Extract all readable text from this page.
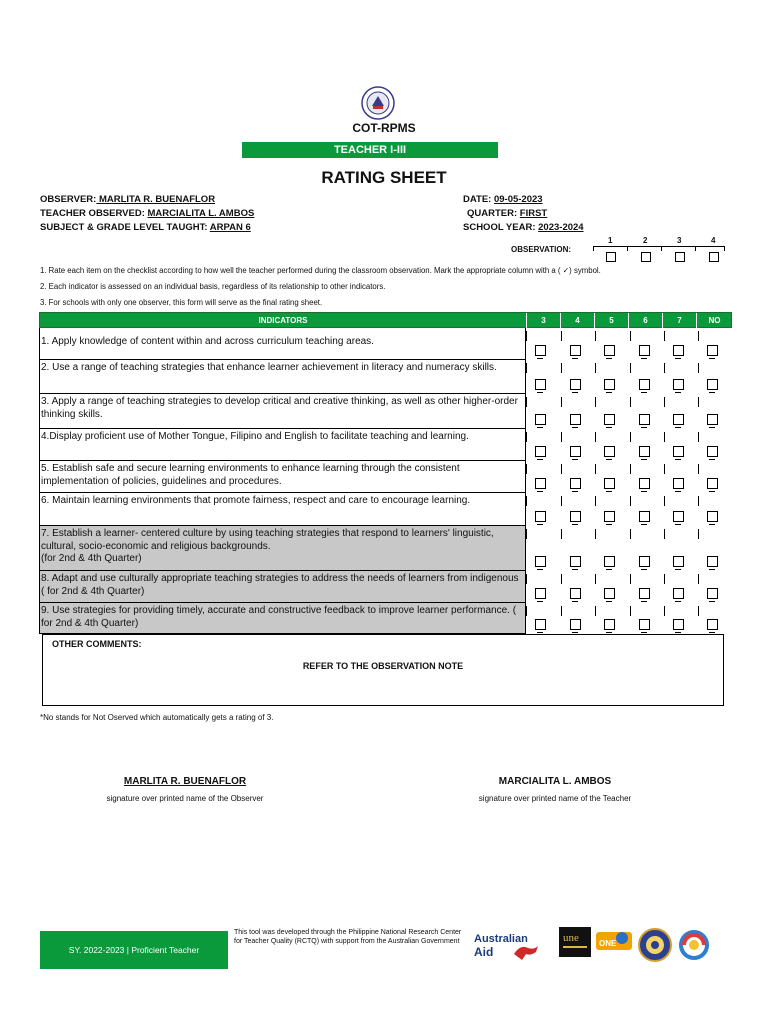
COT-RPMS
TEACHER I-III
RATING SHEET
OBSERVER: MARLITA R. BUENAFLOR
TEACHER OBSERVED: MARCIALITA L. AMBOS
SUBJECT & GRADE LEVEL TAUGHT: ARPAN 6
DATE: 09-05-2023
QUARTER: FIRST
SCHOOL YEAR: 2023-2024
1	2	3	4
OBSERVATION:
1. Rate each item on the checklist according to how well the teacher performed during the classroom observation. Mark the appropriate column with a ( ✓) symbol.
2. Each indicator is assessed on an individual basis, regardless of its relationship to other indicators.
3. For schools with only one observer, this form will serve as the final rating sheet.
INDICATORS	3	4	5	6	7	NO
1. Apply knowledge of content within and across curriculum teaching areas.
2. Use a range of teaching strategies that enhance learner achievement in literacy and numeracy skills.
3. Apply a range of teaching strategies to develop critical and creative thinking, as well as other higher-order thinking skills.
4.Display proficient use of Mother Tongue, Filipino and English to facilitate teaching and learning.
5. Establish safe and secure learning environments to enhance learning through the consistent implementation of policies, guidelines and procedures.
6. Maintain learning environments that promote fairness, respect and care to encourage learning.
7. Establish a learner- centered culture by using teaching strategies that respond to learners' linguistic, cultural, socio-economic and religious backgrounds.
(for 2nd & 4th Quarter)
8. Adapt and use culturally appropriate teaching strategies to address the needs of learners from indigenous ( for 2nd & 4th Quarter)
9. Use strategies for providing timely, accurate and constructive feedback to improve learner performance. ( for 2nd & 4th Quarter)
OTHER COMMENTS:
REFER TO THE OBSERVATION NOTE
*No stands for Not Oserved which automatically gets a rating of 3.
MARLITA R. BUENAFLOR
signature over printed name of the Observer
MARCIALITA L. AMBOS
signature over printed name of the Teacher
SY. 2022-2023 | Proficient Teacher
This tool was developed through the Philippine National Research Center for Teacher Quality (RCTQ) with support from the Australian Government	Australian
Aid
une	ONE
